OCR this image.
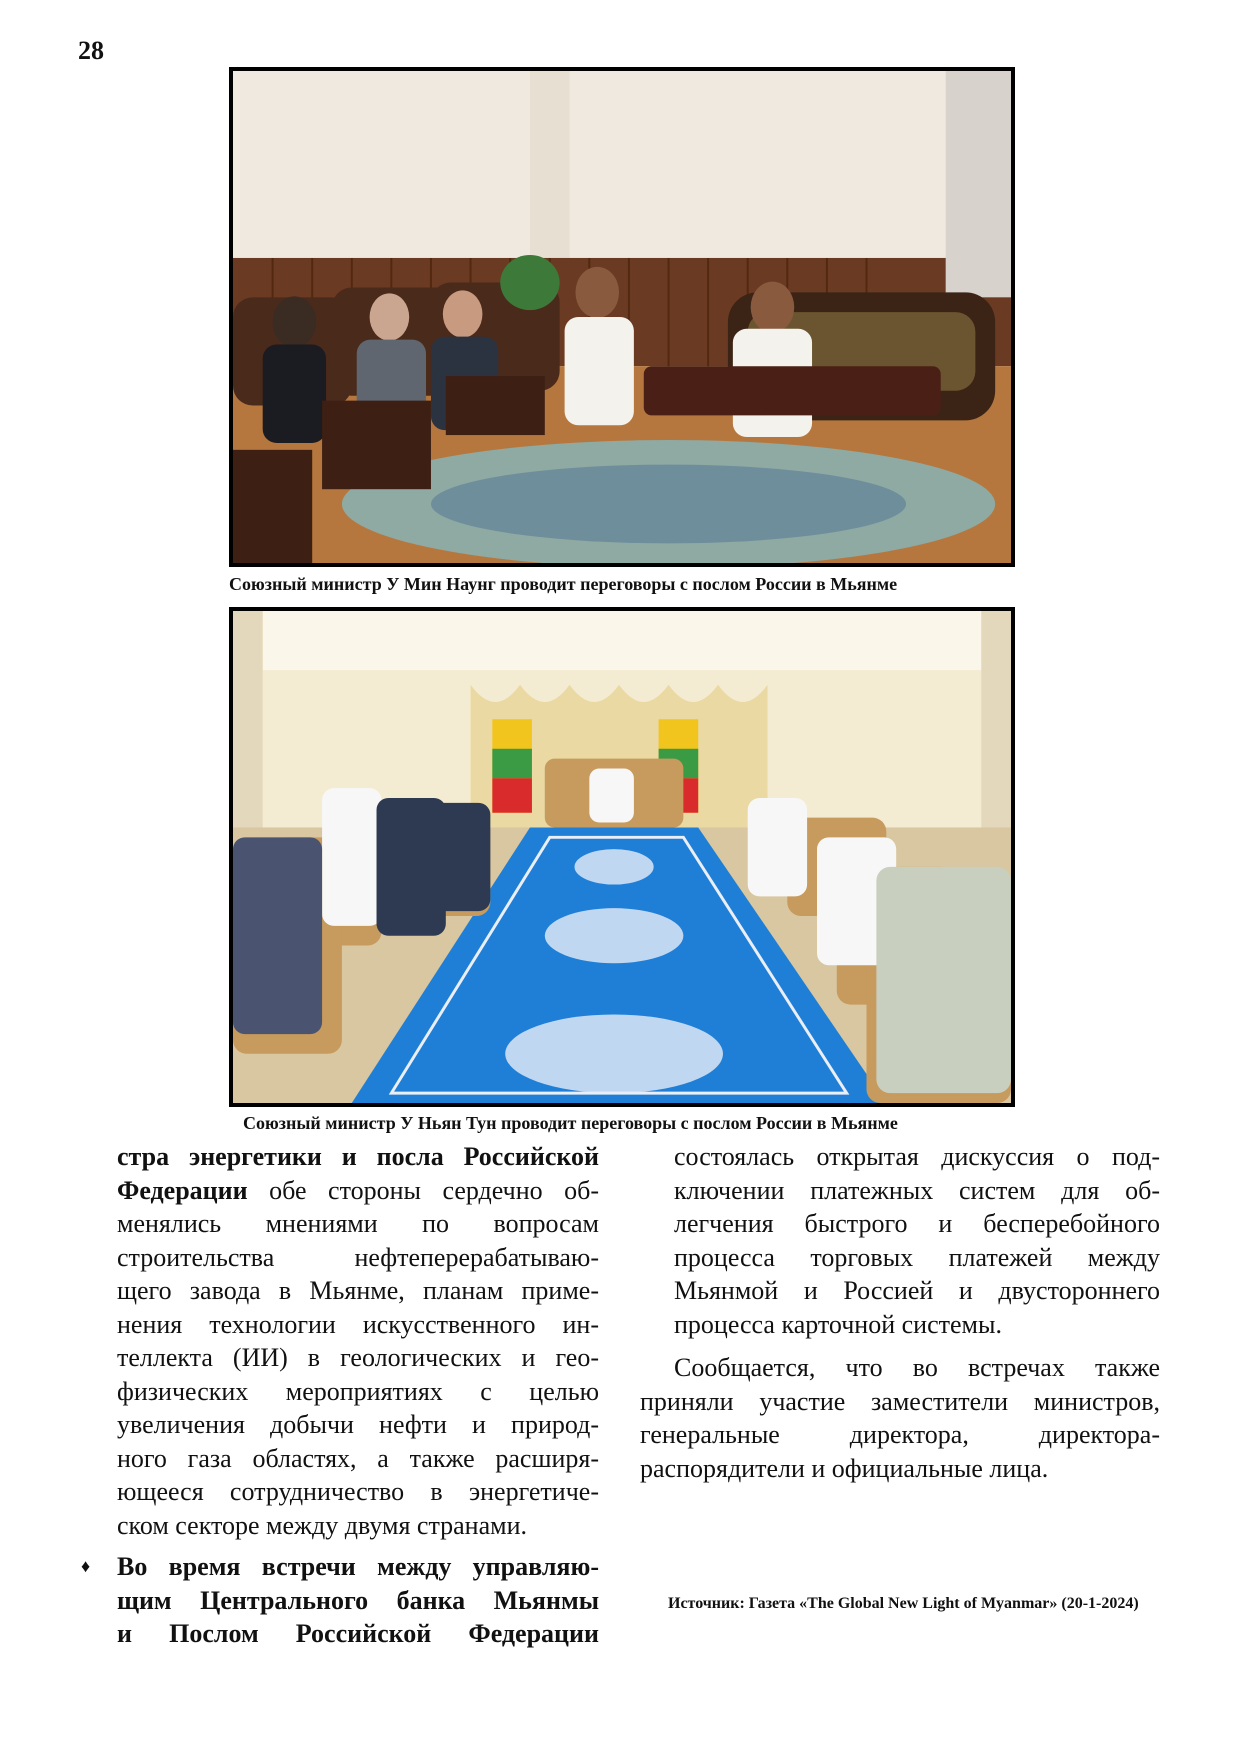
28
Союзный министр У Мин Наунг проводит переговоры с послом России в Мьянме
Союзный министр У Ньян Тун проводит переговоры с послом России в Мьянме

стра энергетики и посла Российской
Федерации обе стороны сердечно об-
менялись мнениями по вопросам
строительства нефтеперерабатываю-
щего завода в Мьянме, планам приме-
нения технологии искусственного ин-
теллекта (ИИ) в геологических и гео-
физических мероприятиях с целью
увеличения добычи нефти и природ-
ного газа областях, а также расширя-
ющееся сотрудничество в энергетиче-
ском секторе между двумя странами.

♦ Во время встречи между управляю-
щим Центрального банка Мьянмы
и Послом Российской Федерации

состоялась открытая дискуссия о под-
ключении платежных систем для об-
легчения быстрого и бесперебойного
процесса торговых платежей между
Мьянмой и Россией и двустороннего
процесса карточной системы.

Сообщается, что во встречах также
приняли участие заместители министров,
генеральные директора, директора-
распорядители и официальные лица.

Источник: Газета «The Global New Light of Myanmar» (20-1-2024)
